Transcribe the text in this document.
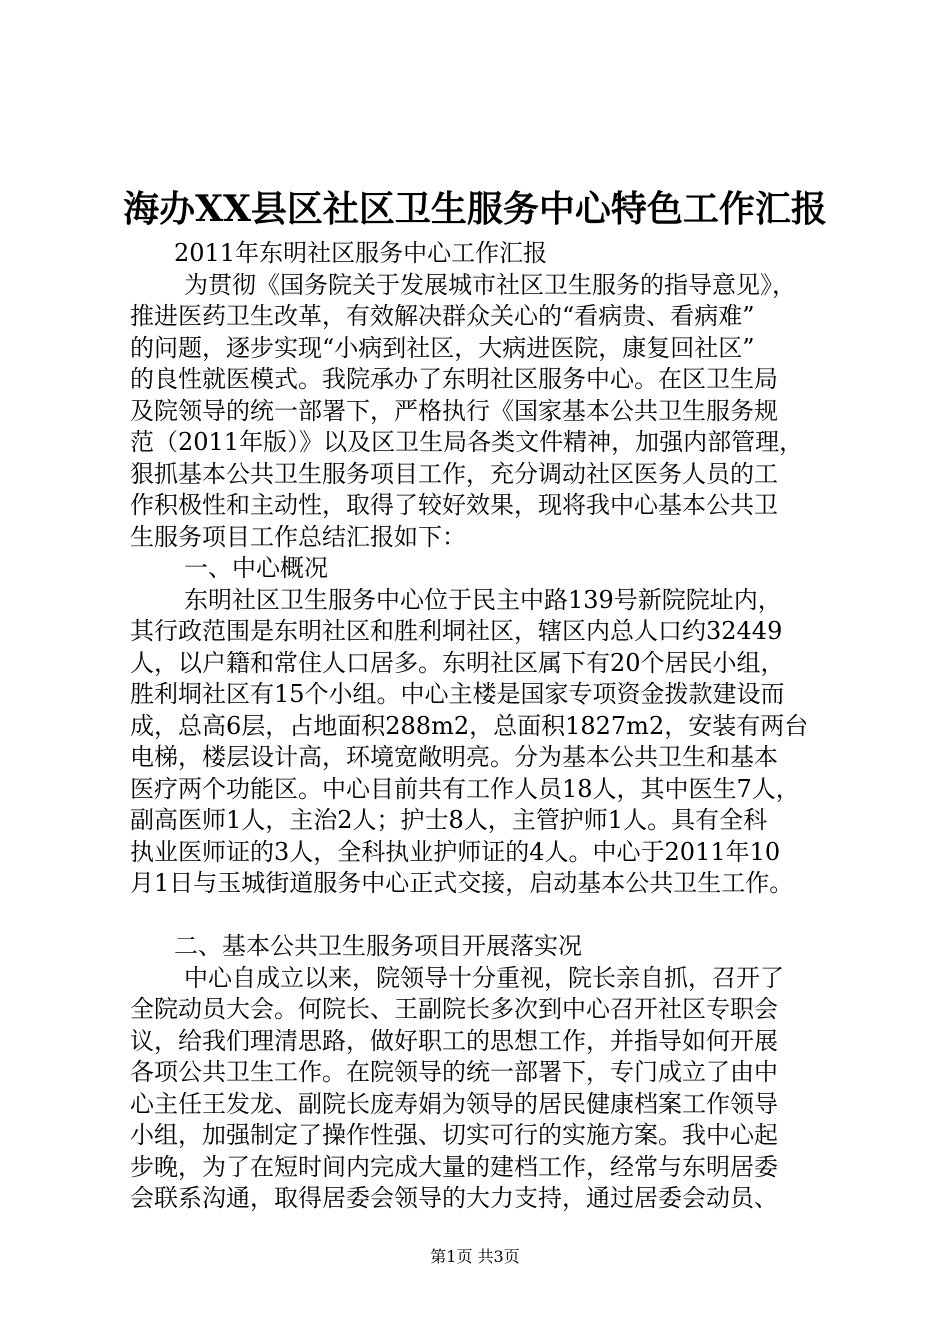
海办XX县区社区卫生服务中心特色工作汇报
2011年东明社区服务中心工作汇报
为贯彻《国务院关于发展城市社区卫生服务的指导意见》，
推进医药卫生改革，有效解决群众关心的“看病贵、看病难”
的问题，逐步实现“小病到社区，大病进医院，康复回社区”
的良性就医模式。我院承办了东明社区服务中心。在区卫生局
及院领导的统一部署下，严格执行《国家基本公共卫生服务规
范（2011年版）》以及区卫生局各类文件精神，加强内部管理，
狠抓基本公共卫生服务项目工作，充分调动社区医务人员的工
作积极性和主动性，取得了较好效果，现将我中心基本公共卫
生服务项目工作总结汇报如下：
一、中心概况
东明社区卫生服务中心位于民主中路139号新院院址内，
其行政范围是东明社区和胜利垌社区，辖区内总人口约32449
人，以户籍和常住人口居多。东明社区属下有20个居民小组，
胜利垌社区有15个小组。中心主楼是国家专项资金拨款建设而
成，总高6层，占地面积288m2，总面积1827m2，安装有两台
电梯，楼层设计高，环境宽敞明亮。分为基本公共卫生和基本
医疗两个功能区。中心目前共有工作人员18人，其中医生7人，
副高医师1人，主治2人；护士8人，主管护师1人。具有全科
执业医师证的3人，全科执业护师证的4人。中心于2011年10
月1日与玉城街道服务中心正式交接，启动基本公共卫生工作。
二、基本公共卫生服务项目开展落实况
中心自成立以来，院领导十分重视，院长亲自抓，召开了
全院动员大会。何院长、王副院长多次到中心召开社区专职会
议，给我们理清思路，做好职工的思想工作，并指导如何开展
各项公共卫生工作。在院领导的统一部署下，专门成立了由中
心主任王发龙、副院长庞寿娟为领导的居民健康档案工作领导
小组，加强制定了操作性强、切实可行的实施方案。我中心起
步晚，为了在短时间内完成大量的建档工作，经常与东明居委
会联系沟通，取得居委会领导的大力支持，通过居委会动员、
第1页 共3页
